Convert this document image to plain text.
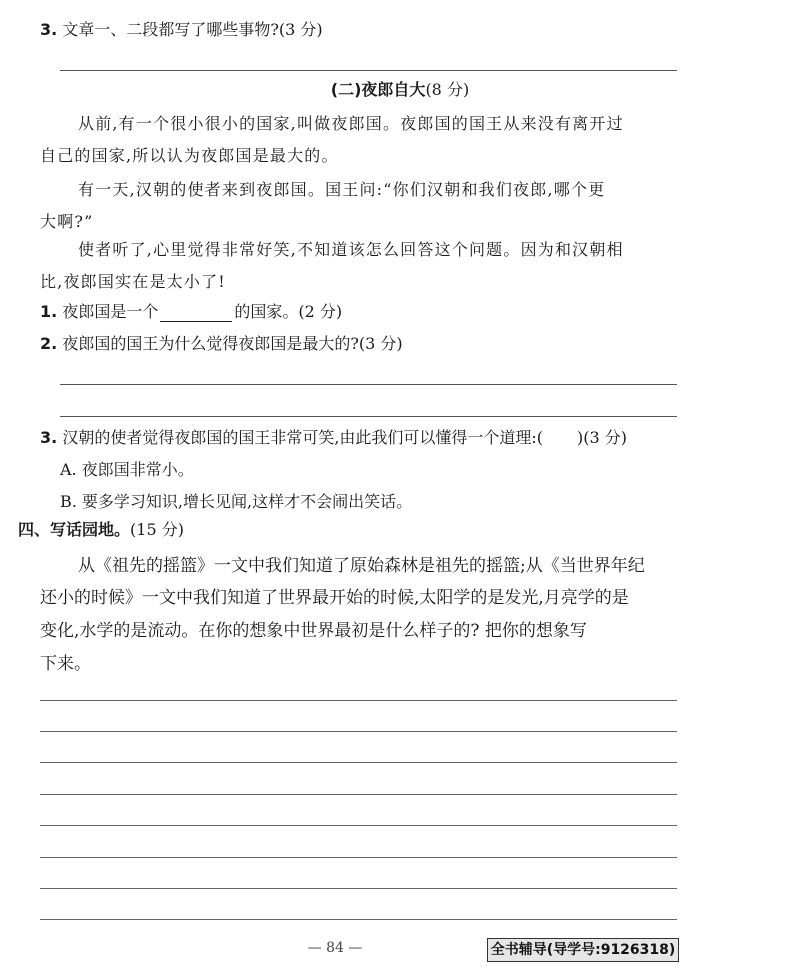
3. 文章一、二段都写了哪些事物?(3 分)
(二)夜郎自大(8 分)
从前,有一个很小很小的国家,叫做夜郎国。夜郎国的国王从来没有离开过
自己的国家,所以认为夜郎国是最大的。
有一天,汉朝的使者来到夜郎国。国王问:“你们汉朝和我们夜郎,哪个更
大啊?”
使者听了,心里觉得非常好笑,不知道该怎么回答这个问题。因为和汉朝相
比,夜郎国实在是太小了!
1. 夜郎国是一个	的国家。(2 分)
2. 夜郎国的国王为什么觉得夜郎国是最大的?(3 分)
3. 汉朝的使者觉得夜郎国的国王非常可笑,由此我们可以懂得一个道理:( )(3 分)
A. 夜郎国非常小。
B. 要多学习知识,增长见闻,这样才不会闹出笑话。
四、写话园地。(15 分)
从《祖先的摇篮》一文中我们知道了原始森林是祖先的摇篮;从《当世界年纪
还小的时候》一文中我们知道了世界最开始的时候,太阳学的是发光,月亮学的是
变化,水学的是流动。在你的想象中世界最初是什么样子的? 把你的想象写
下来。
— 84 —	全书辅导(导学号:9126318)
